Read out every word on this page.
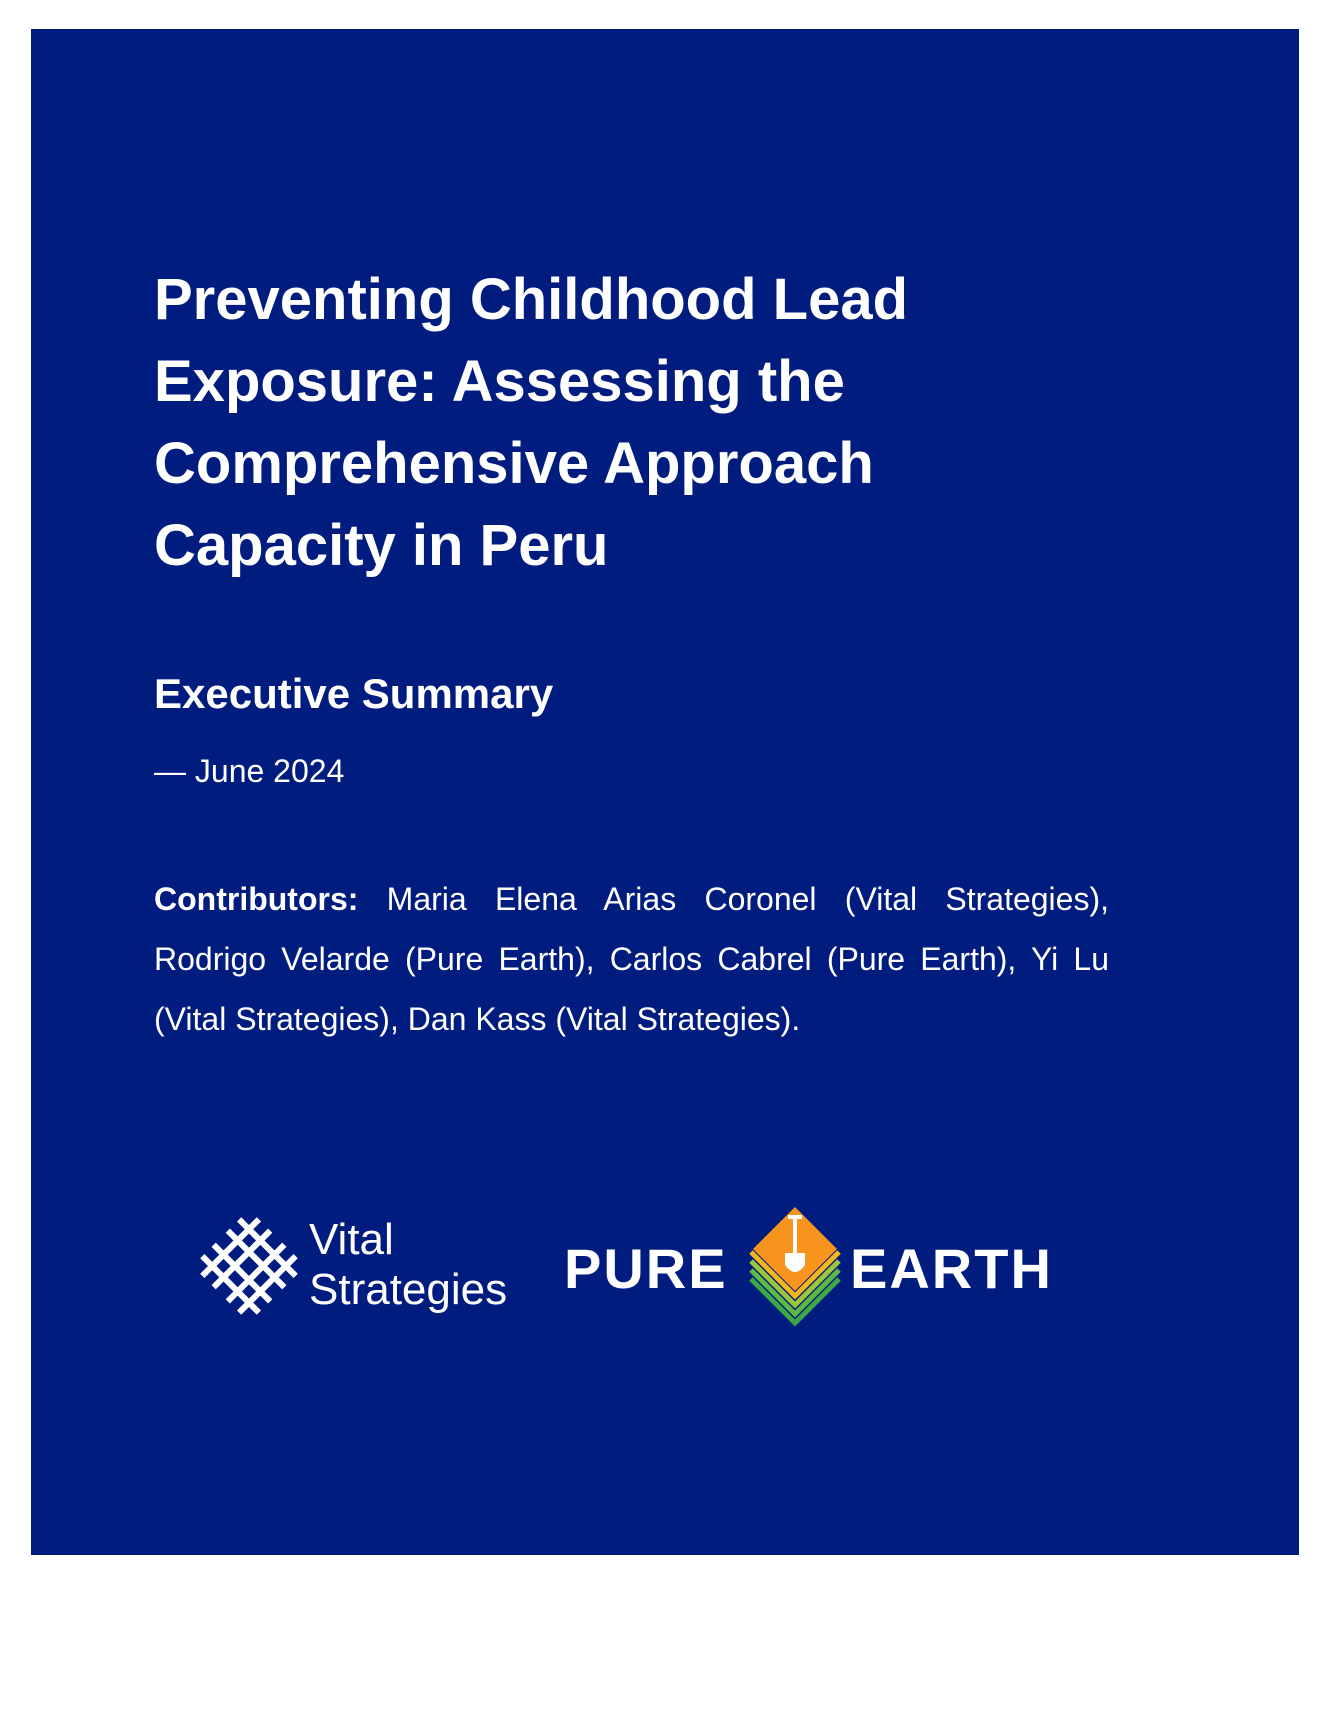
Preventing Childhood Lead Exposure: Assessing the Comprehensive Approach Capacity in Peru
Executive Summary

— June 2024

Contributors: Maria Elena Arias Coronel (Vital Strategies), Rodrigo Velarde (Pure Earth), Carlos Cabrel (Pure Earth), Yi Lu (Vital Strategies), Dan Kass (Vital Strategies).

Vital
Strategies PURE EARTH
